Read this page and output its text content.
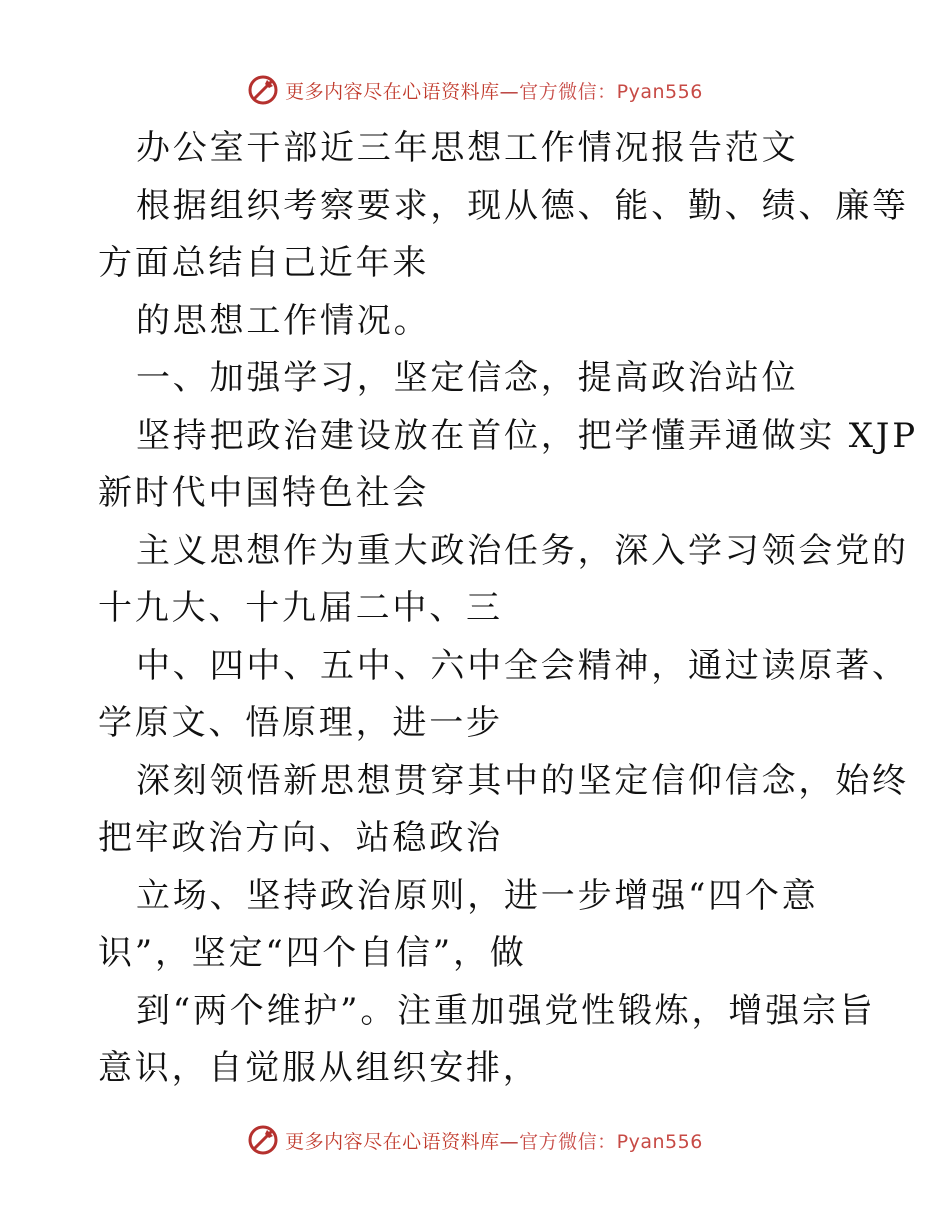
更多内容尽在心语资料库—官方微信：Pyan556
办公室干部近三年思想工作情况报告范文
根据组织考察要求，现从德、能、勤、绩、廉等
方面总结自己近年来
的思想工作情况。
一、加强学习，坚定信念，提高政治站位
坚持把政治建设放在首位，把学懂弄通做实 XJP
新时代中国特色社会
主义思想作为重大政治任务，深入学习领会党的
十九大、十九届二中、三
中、四中、五中、六中全会精神，通过读原著、
学原文、悟原理，进一步
深刻领悟新思想贯穿其中的坚定信仰信念，始终
把牢政治方向、站稳政治
立场、坚持政治原则，进一步增强“四个意
识”，坚定“四个自信”，做
到“两个维护”。注重加强党性锻炼，增强宗旨
意识，自觉服从组织安排，
更多内容尽在心语资料库—官方微信：Pyan556
